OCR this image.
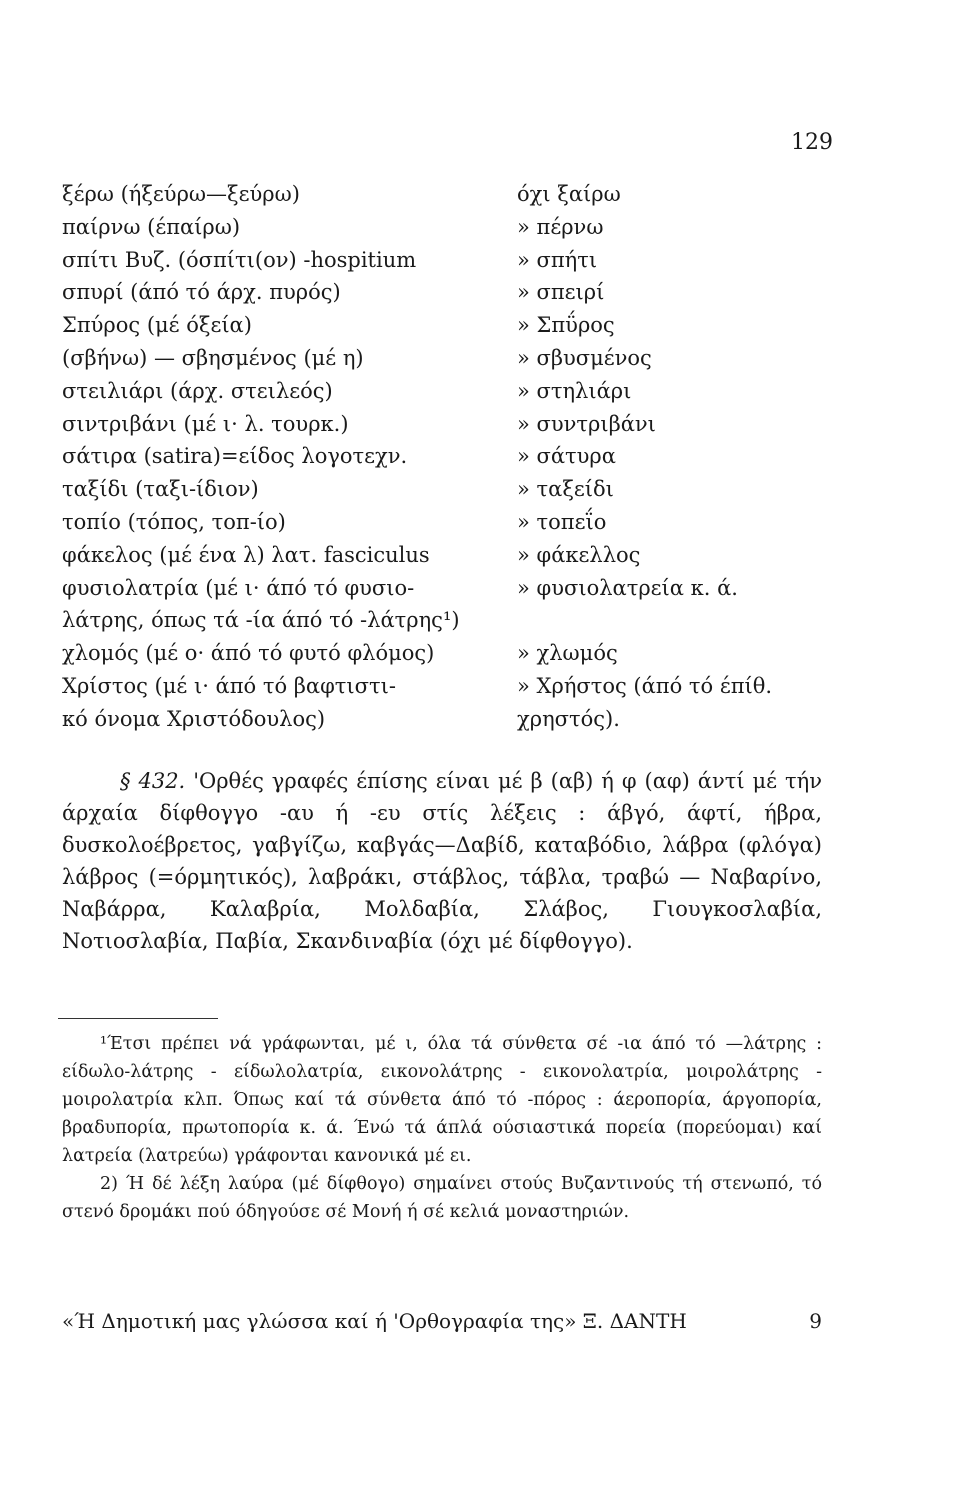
129
ξέρω (ήξεύρω—ξεύρω)	όχι ξαίρω
παίρνω (έπαίρω)	» πέρνω
σπίτι Βυζ. (όσπίτι(ον) -hospitium	» σπήτι
σπυρί (άπό τό άρχ. πυρός)	» σπειρί
Σπύρος (μέ όξεία)	» Σπΰρος
(σβήνω) — σβησμένος (μέ η)	» σβυσμένος
στειλιάρι (άρχ. στειλεός)	» στηλιάρι
σιντριβάνι (μέ ι· λ. τουρκ.)	» συντριβάνι
σάτιρα (satira)=είδος λογοτεχν.	» σάτυρα
ταξίδι (ταξι-ίδιον)	» ταξείδι
τοπίο (τόπος, τοπ-ίο)	» τοπεΐο
φάκελος (μέ ένα λ) λατ. fasciculus	» φάκελλος
φυσιολατρία (μέ ι· άπό τό φυσιο-	» φυσιολατρεία κ. ά.
λάτρης, όπως τά -ία άπό τό -λάτρης¹)
χλομός (μέ ο· άπό τό φυτό φλόμος)	» χλωμός
Χρίστος (μέ ι· άπό τό βαφτιστι-	» Χρήστος (άπό τό έπίθ.
κό όνομα Χριστόδουλος)	χρηστός).
§ 432. 'Ορθές γραφές έπίσης είναι μέ β (αβ) ή φ (αφ) άντί μέ τήν άρχαία δίφθογγο -αυ ή -ευ στίς λέξεις : άβγό, άφτί, ήβρα, δυσκολοέβρετος, γαβγίζω, καβγάς—Δαβίδ, καταβόδιο, λάβρα (φλόγα) λάβρος (=όρμητικός), λαβράκι, στάβλος, τάβλα, τραβώ — Ναβαρίνο, Ναβάρρα, Καλαβρία, Μολδαβία, Σλάβος, Γιουγκοσλαβία, Νοτιοσλαβία, Παβία, Σκανδιναβία (όχι μέ δίφθογγο).

¹Έτσι πρέπει νά γράφωνται, μέ ι, όλα τά σύνθετα σέ -ια άπό τό —λάτρης : είδωλο-λάτρης - είδωλολατρία, εικονολάτρης - εικονολατρία, μοιρολάτρης - μοιρολατρία κλπ. Όπως καί τά σύνθετα άπό τό -πόρος : άεροπορία, άργοπορία, βραδυπορία, πρωτοπορία κ. ά. Ένώ τά άπλά ούσιαστικά πορεία (πορεύομαι) καί λατρεία (λατρεύω) γράφονται κανονικά μέ ει.

2) Ή δέ λέξη λαύρα (μέ δίφθογο) σημαίνει στούς Βυζαντινούς τή στενωπό, τό στενό δρομάκι πού όδηγούσε σέ Μονή ή σέ κελιά μοναστηριών.

«Ή Δημοτική μας γλώσσα καί ή 'Ορθογραφία της» Ξ. ΔΑΝΤΗ	9
